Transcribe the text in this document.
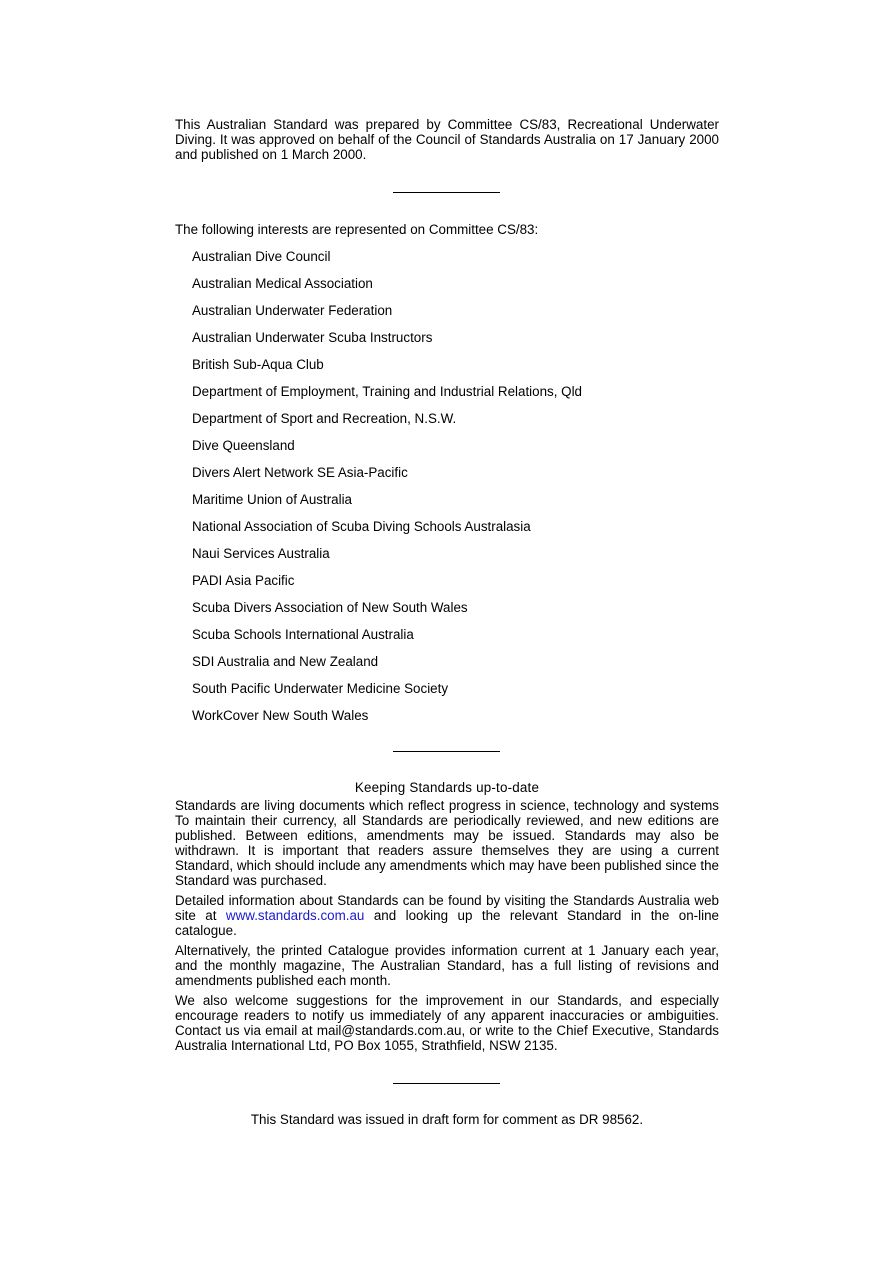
This Australian Standard was prepared by Committee CS/83, Recreational Underwater Diving. It was approved on behalf of the Council of Standards Australia on 17 January 2000 and published on 1 March 2000.

The following interests are represented on Committee CS/83:
Australian Dive Council
Australian Medical Association
Australian Underwater Federation
Australian Underwater Scuba Instructors
British Sub-Aqua Club
Department of Employment, Training and Industrial Relations, Qld
Department of Sport and Recreation, N.S.W.
Dive Queensland
Divers Alert Network SE Asia-Pacific
Maritime Union of Australia
National Association of Scuba Diving Schools Australasia
Naui Services Australia
PADI Asia Pacific
Scuba Divers Association of New South Wales
Scuba Schools International Australia
SDI Australia and New Zealand
South Pacific Underwater Medicine Society
WorkCover New South Wales
Keeping Standards up-to-date

Standards are living documents which reflect progress in science, technology and systems To maintain their currency, all Standards are periodically reviewed, and new editions are published. Between editions, amendments may be issued. Standards may also be withdrawn. It is important that readers assure themselves they are using a current Standard, which should include any amendments which may have been published since the Standard was purchased.

Detailed information about Standards can be found by visiting the Standards Australia web site at www.standards.com.au and looking up the relevant Standard in the on-line catalogue.

Alternatively, the printed Catalogue provides information current at 1 January each year, and the monthly magazine, The Australian Standard, has a full listing of revisions and amendments published each month.

We also welcome suggestions for the improvement in our Standards, and especially encourage readers to notify us immediately of any apparent inaccuracies or ambiguities. Contact us via email at mail@standards.com.au, or write to the Chief Executive, Standards Australia International Ltd, PO Box 1055, Strathfield, NSW 2135.

This Standard was issued in draft form for comment as DR 98562.
